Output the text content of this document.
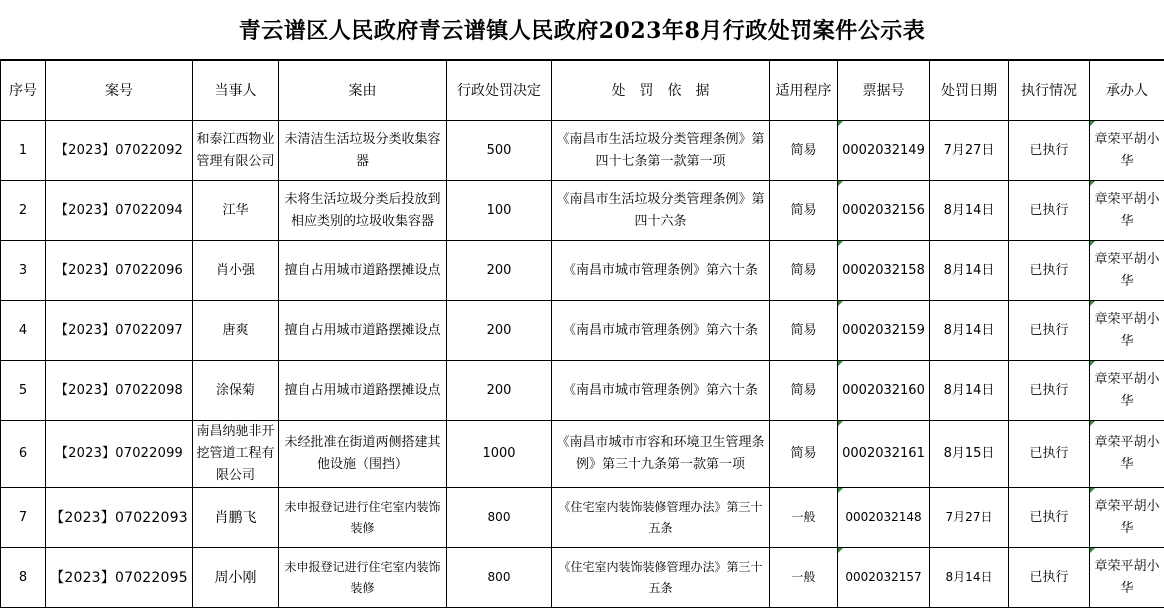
青云谱区人民政府青云谱镇人民政府2023年8月行政处罚案件公示表
序号	案号	当事人	案由	行政处罚决定	处　罚　依　据	适用程序	票据号	处罚日期	执行情况	承办人
1	【2023】07022092	和泰江西物业管理有限公司	未清洁生活垃圾分类收集容器	500	《南昌市生活垃圾分类管理条例》第四十七条第一款第一项	简易	0002032149	7月27日	已执行	章荣平胡小华
2	【2023】07022094	江华	未将生活垃圾分类后投放到相应类别的垃圾收集容器	100	《南昌市生活垃圾分类管理条例》第四十六条	简易	0002032156	8月14日	已执行	章荣平胡小华
3	【2023】07022096	肖小强	擅自占用城市道路摆摊设点	200	《南昌市城市管理条例》第六十条	简易	0002032158	8月14日	已执行	章荣平胡小华
4	【2023】07022097	唐爽	擅自占用城市道路摆摊设点	200	《南昌市城市管理条例》第六十条	简易	0002032159	8月14日	已执行	章荣平胡小华
5	【2023】07022098	涂保菊	擅自占用城市道路摆摊设点	200	《南昌市城市管理条例》第六十条	简易	0002032160	8月14日	已执行	章荣平胡小华
6	【2023】07022099	南昌纳驰非开挖管道工程有限公司	未经批准在街道两侧搭建其他设施（围挡）	1000	《南昌市城市市容和环境卫生管理条例》第三十九条第一款第一项	简易	0002032161	8月15日	已执行	章荣平胡小华
7	【2023】07022093	肖鹏飞	未申报登记进行住宅室内装饰装修	800	《住宅室内装饰装修管理办法》第三十五条	一般	0002032148	7月27日	已执行	章荣平胡小华
8	【2023】07022095	周小刚	未申报登记进行住宅室内装饰装修	800	《住宅室内装饰装修管理办法》第三十五条	一般	0002032157	8月14日	已执行	章荣平胡小华
